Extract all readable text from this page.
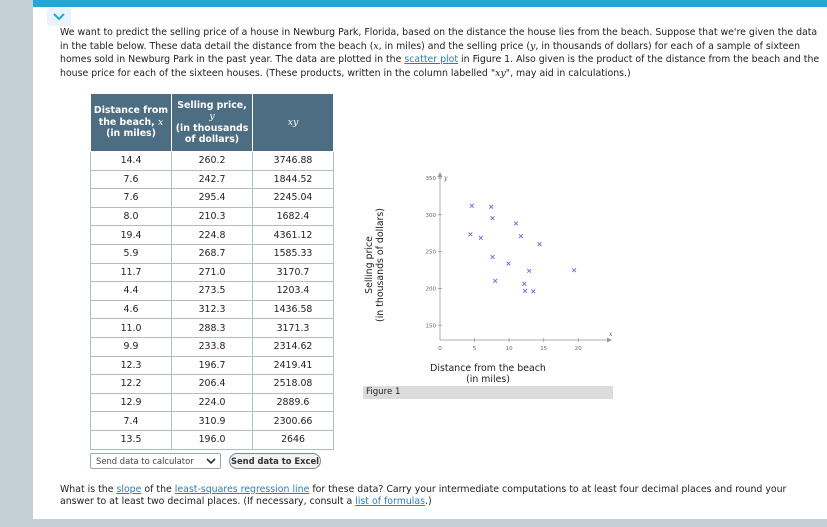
We want to predict the selling price of a house in Newburg Park, Florida, based on the distance the house lies from the beach. Suppose that we're given the data in the table below. These data detail the distance from the beach (x, in miles) and the selling price (y, in thousands of dollars) for each of a sample of sixteen homes sold in Newburg Park in the past year. The data are plotted in the scatter plot in Figure 1. Also given is the product of the distance from the beach and the house price for each of the sixteen houses. (These products, written in the column labelled "xy", may aid in calculations.)
Distance from
the beach, x
(in miles)	Selling price,
y
(in thousands
of dollars)	xy
14.4	260.2	3746.88
7.6	242.7	1844.52
7.6	295.4	2245.04
8.0	210.3	1682.4
19.4	224.8	4361.12
5.9	268.7	1585.33
11.7	271.0	3170.7
4.4	273.5	1203.4
4.6	312.3	1436.58
11.0	288.3	3171.3
9.9	233.8	2314.62
12.3	196.7	2419.41
12.2	206.4	2518.08
12.9	224.0	2889.6
7.4	310.9	2300.66
13.5	196.0	2646
Send data to calculator	Send data to Excel
y
x
0
150
200
250
300
350
5	10	15	20
Selling price
(in thousands of dollars)
Distance from the beach
(in miles)
Figure 1
What is the slope of the least-squares regression line for these data? Carry your intermediate computations to at least four decimal places and round your answer to at least two decimal places. (If necessary, consult a list of formulas.)
